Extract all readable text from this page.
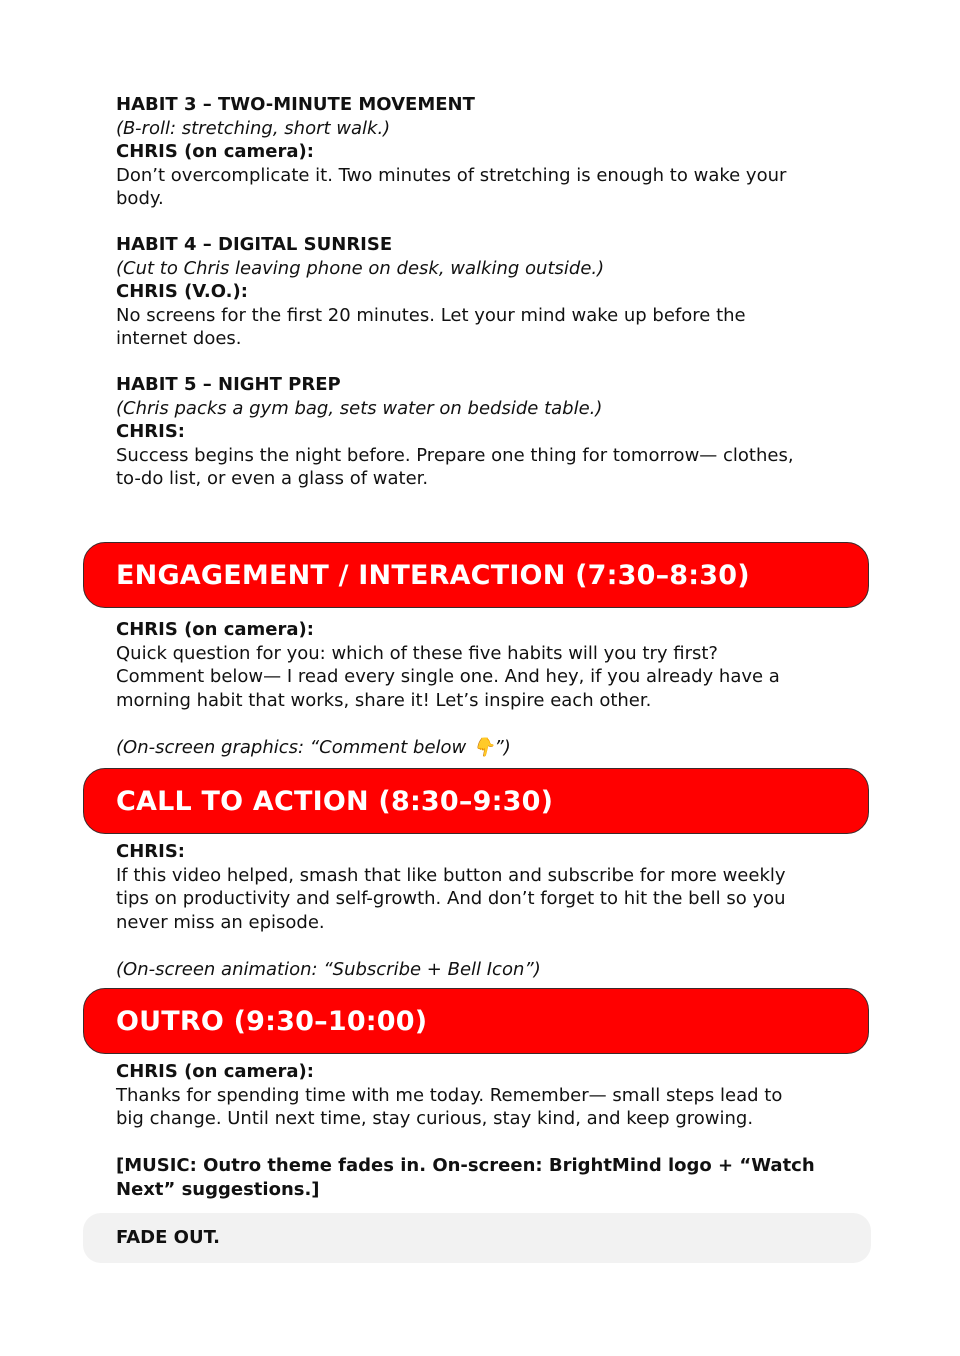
HABIT 3 – TWO-MINUTE MOVEMENT

(B-roll: stretching, short walk.)

CHRIS (on camera):

Don’t overcomplicate it. Two minutes of stretching is enough to wake your

body.

HABIT 4 – DIGITAL SUNRISE

(Cut to Chris leaving phone on desk, walking outside.)

CHRIS (V.O.):

No screens for the first 20 minutes. Let your mind wake up before the

internet does.

HABIT 5 – NIGHT PREP

(Chris packs a gym bag, sets water on bedside table.)

CHRIS:

Success begins the night before. Prepare one thing for tomorrow— clothes,

to-do list, or even a glass of water.

ENGAGEMENT / INTERACTION (7:30–8:30)

CHRIS (on camera):

Quick question for you: which of these five habits will you try first?

Comment below— I read every single one. And hey, if you already have a

morning habit that works, share it! Let’s inspire each other.

(On-screen graphics: “Comment below 👇”)

CALL TO ACTION (8:30–9:30)

CHRIS:

If this video helped, smash that like button and subscribe for more weekly

tips on productivity and self-growth. And don’t forget to hit the bell so you

never miss an episode.

(On-screen animation: “Subscribe + Bell Icon”)

OUTRO (9:30–10:00)

CHRIS (on camera):

Thanks for spending time with me today. Remember— small steps lead to

big change. Until next time, stay curious, stay kind, and keep growing.

[MUSIC: Outro theme fades in. On-screen: BrightMind logo + “Watch

Next” suggestions.]

FADE OUT.
